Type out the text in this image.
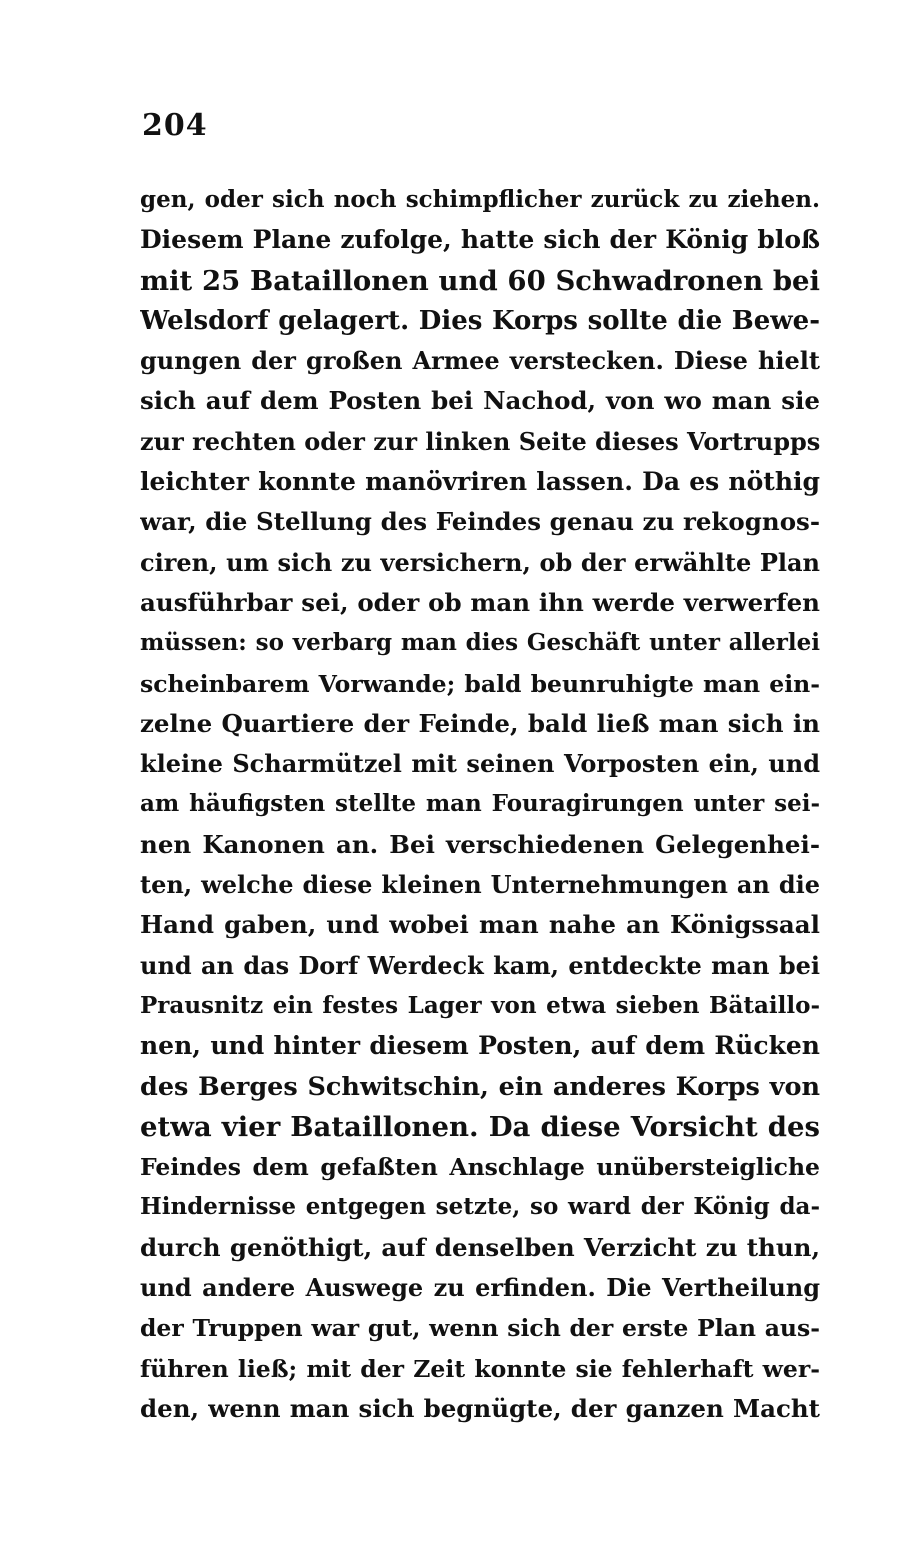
204
gen, oder sich noch schimpflicher zurück zu ziehen.
Diesem Plane zufolge, hatte sich der König bloß
mit 25 Bataillonen und 60 Schwadronen bei
Welsdorf gelagert. Dies Korps sollte die Bewe-
gungen der großen Armee verstecken. Diese hielt
sich auf dem Posten bei Nachod, von wo man sie
zur rechten oder zur linken Seite dieses Vortrupps
leichter konnte manövriren lassen. Da es nöthig
war, die Stellung des Feindes genau zu rekognos-
ciren, um sich zu versichern, ob der erwählte Plan
ausführbar sei, oder ob man ihn werde verwerfen
müssen: so verbarg man dies Geschäft unter allerlei
scheinbarem Vorwande; bald beunruhigte man ein-
zelne Quartiere der Feinde, bald ließ man sich in
kleine Scharmützel mit seinen Vorposten ein, und
am häufigsten stellte man Fouragirungen unter sei-
nen Kanonen an. Bei verschiedenen Gelegenhei-
ten, welche diese kleinen Unternehmungen an die
Hand gaben, und wobei man nahe an Königssaal
und an das Dorf Werdeck kam, entdeckte man bei
Prausnitz ein festes Lager von etwa sieben Bätaillo-
nen, und hinter diesem Posten, auf dem Rücken
des Berges Schwitschin, ein anderes Korps von
etwa vier Bataillonen. Da diese Vorsicht des
Feindes dem gefaßten Anschlage unübersteigliche
Hindernisse entgegen setzte, so ward der König da-
durch genöthigt, auf denselben Verzicht zu thun,
und andere Auswege zu erfinden. Die Vertheilung
der Truppen war gut, wenn sich der erste Plan aus-
führen ließ; mit der Zeit konnte sie fehlerhaft wer-
den, wenn man sich begnügte, der ganzen Macht
